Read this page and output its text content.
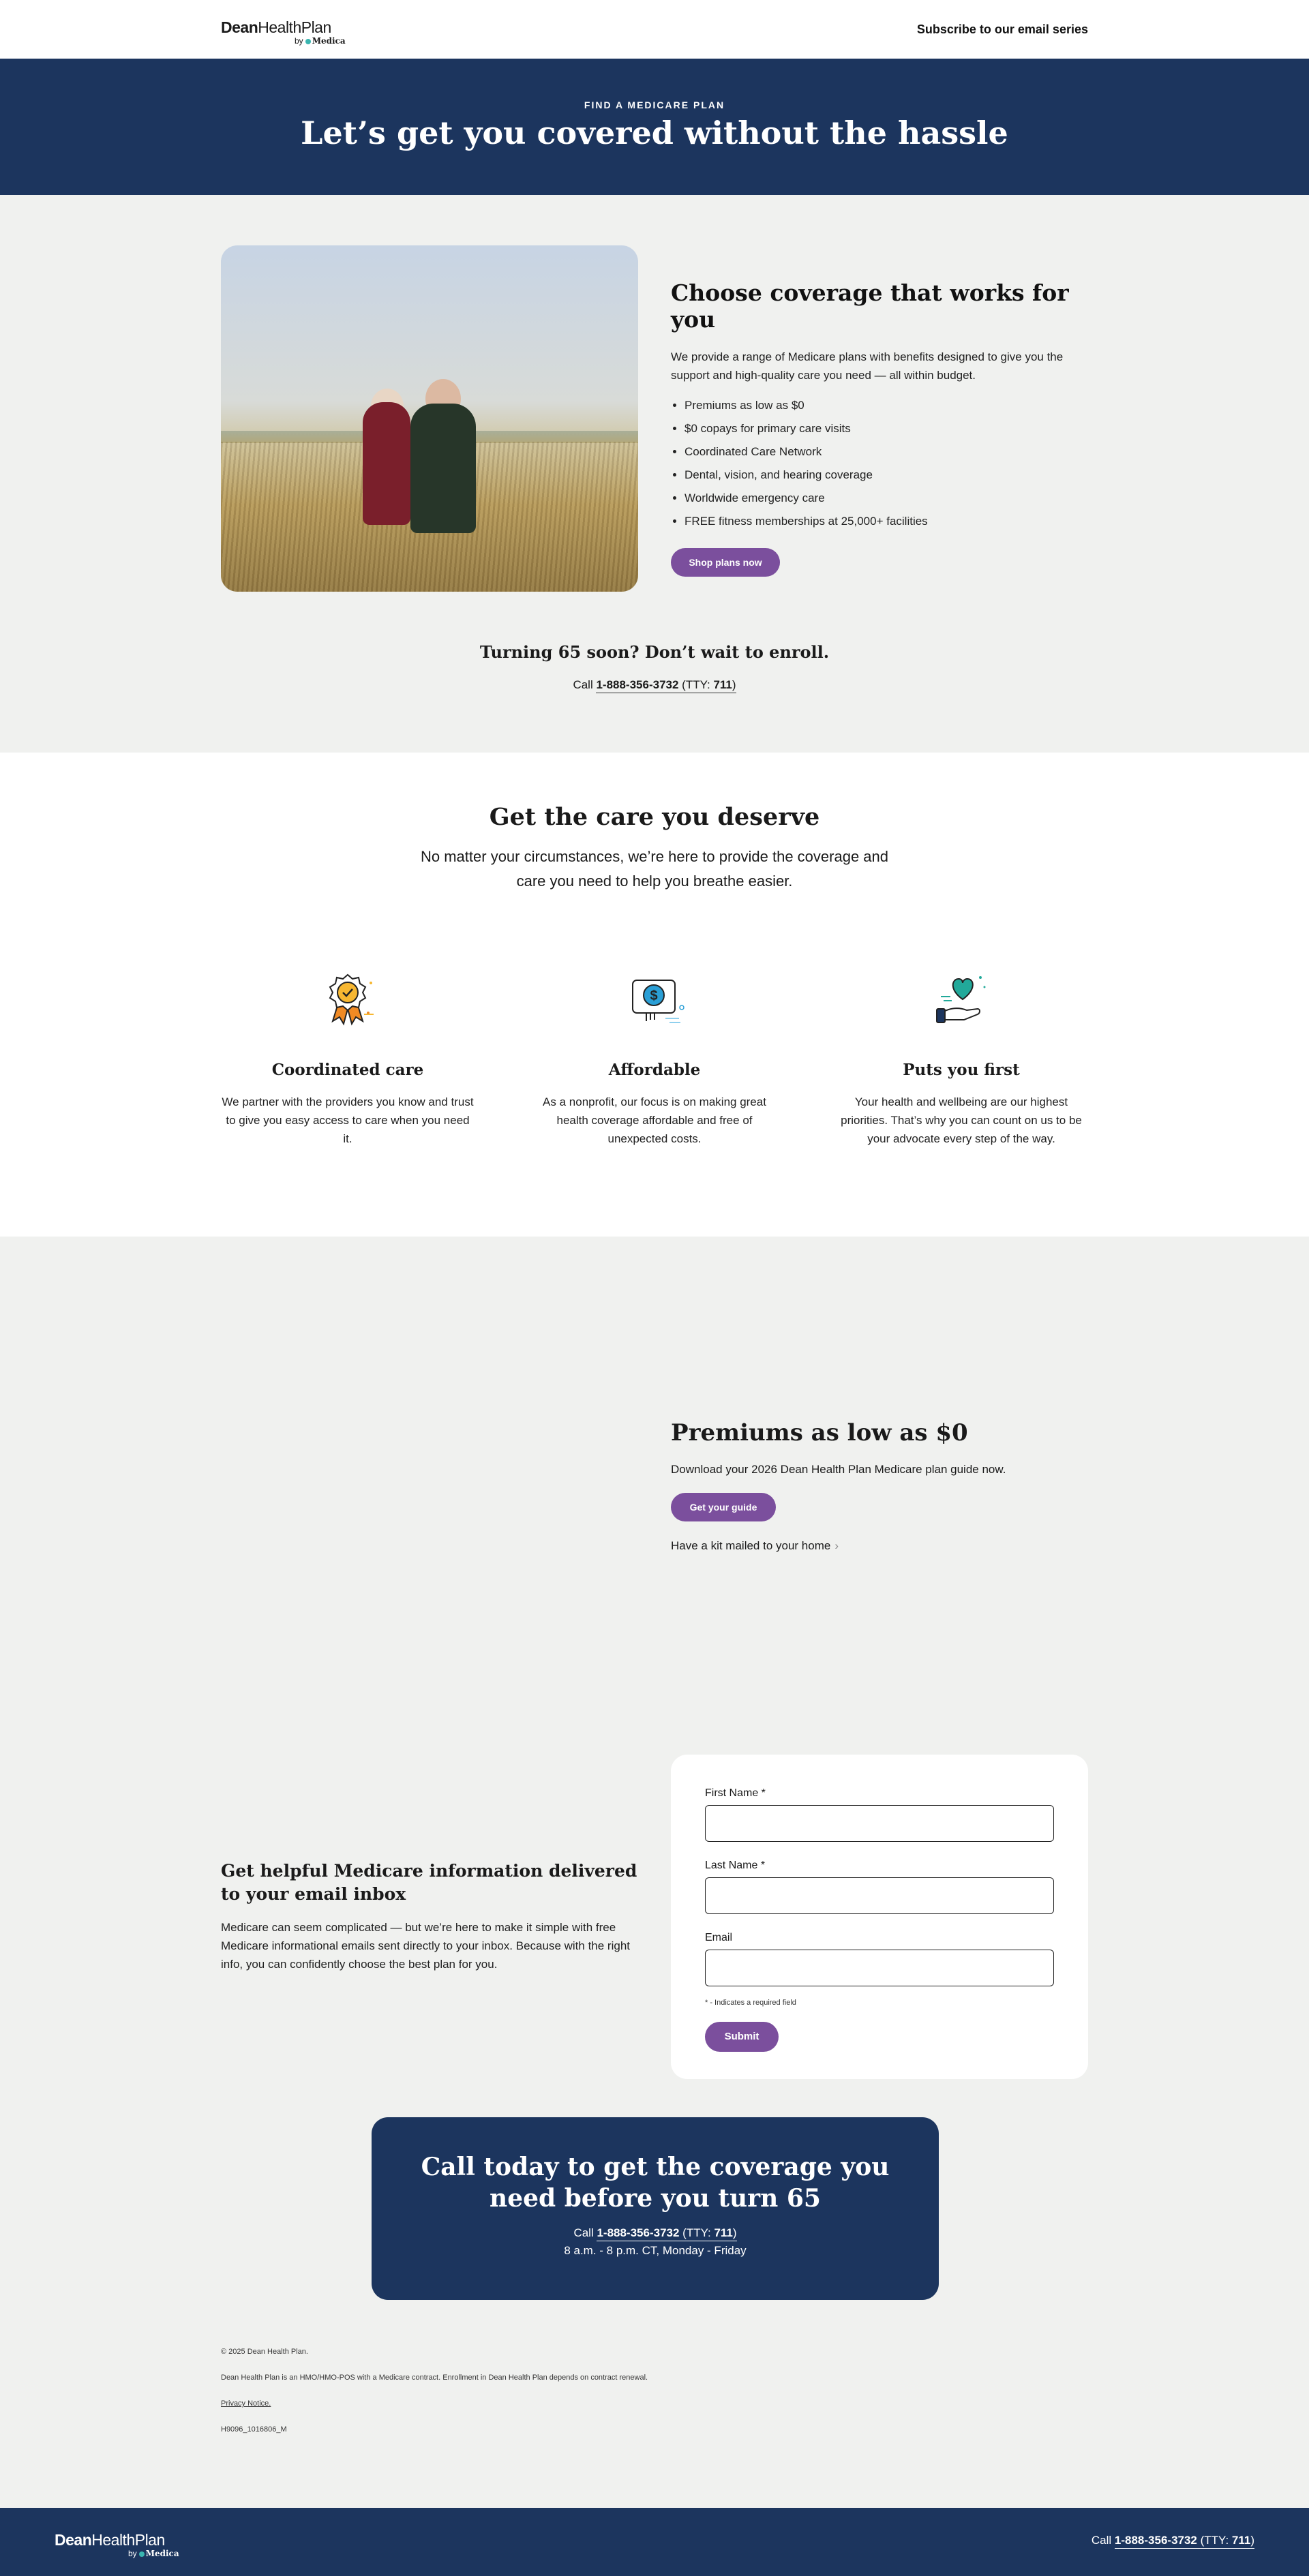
DeanHealthPlan
by Medica
Subscribe to our email series
FIND A MEDICARE PLAN
Let’s get you covered without the hassle
Choose coverage that works for you

We provide a range of Medicare plans with benefits designed to give you the support and high-quality care you need — all within budget.

• Premiums as low as $0
• $0 copays for primary care visits
• Coordinated Care Network
• Dental, vision, and hearing coverage
• Worldwide emergency care
• FREE fitness memberships at 25,000+ facilities
Shop plans now
Turning 65 soon? Don’t wait to enroll.
Call 1-888-356-3732 (TTY: 711)
Get the care you deserve

No matter your circumstances, we’re here to provide the coverage and care you need to help you breathe easier.

Coordinated care

We partner with the providers you know and trust to give you easy access to care when you need it.

$
Affordable

As a nonprofit, our focus is on making great health coverage affordable and free of unexpected costs.

Puts you first

Your health and wellbeing are our highest priorities. That’s why you can count on us to be your advocate every step of the way.

Premiums as low as $0

Download your 2026 Dean Health Plan Medicare plan guide now.

Get your guide
Have a kit mailed to your home ›
Get helpful Medicare information delivered to your email inbox

Medicare can seem complicated — but we’re here to make it simple with free Medicare informational emails sent directly to your inbox. Because with the right info, you can confidently choose the best plan for you.

First Name *
Last Name *
Email
* - Indicates a required field
Submit
Call today to get the coverage you need before you turn 65
Call 1-888-356-3732 (TTY: 711)
8 a.m. - 8 p.m. CT, Monday - Friday
© 2025 Dean Health Plan.
Dean Health Plan is an HMO/HMO-POS with a Medicare contract. Enrollment in Dean Health Plan depends on contract renewal.
Privacy Notice.
H9096_1016806_M
DeanHealthPlan
by Medica
Call 1-888-356-3732 (TTY: 711)
